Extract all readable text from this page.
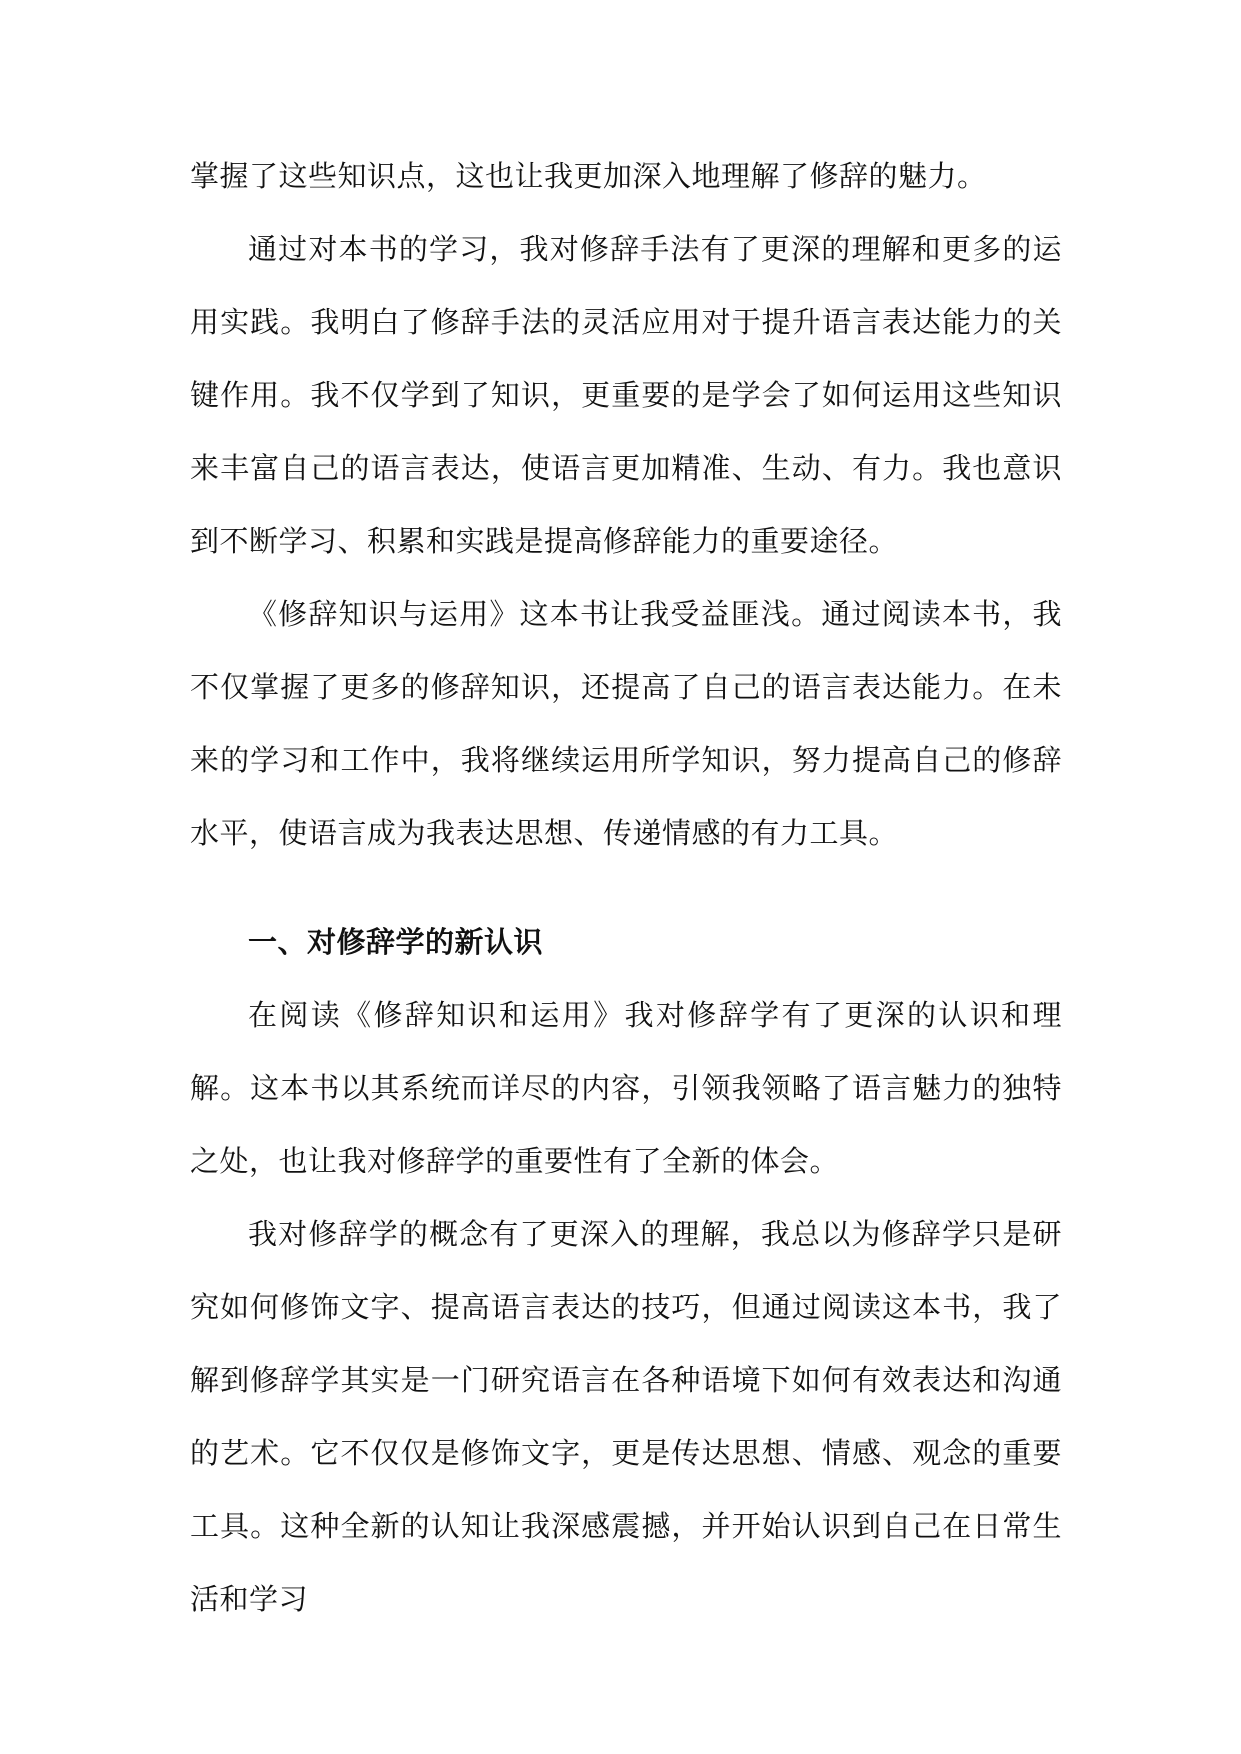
掌握了这些知识点，这也让我更加深入地理解了修辞的魅力。

通过对本书的学习，我对修辞手法有了更深的理解和更多的运用实践。我明白了修辞手法的灵活应用对于提升语言表达能力的关键作用。我不仅学到了知识，更重要的是学会了如何运用这些知识来丰富自己的语言表达，使语言更加精准、生动、有力。我也意识到不断学习、积累和实践是提高修辞能力的重要途径。

《修辞知识与运用》这本书让我受益匪浅。通过阅读本书，我不仅掌握了更多的修辞知识，还提高了自己的语言表达能力。在未来的学习和工作中，我将继续运用所学知识，努力提高自己的修辞水平，使语言成为我表达思想、传递情感的有力工具。

一、对修辞学的新认识

在阅读《修辞知识和运用》我对修辞学有了更深的认识和理解。这本书以其系统而详尽的内容，引领我领略了语言魅力的独特之处，也让我对修辞学的重要性有了全新的体会。

我对修辞学的概念有了更深入的理解，我总以为修辞学只是研究如何修饰文字、提高语言表达的技巧，但通过阅读这本书，我了解到修辞学其实是一门研究语言在各种语境下如何有效表达和沟通的艺术。它不仅仅是修饰文字，更是传达思想、情感、观念的重要工具。这种全新的认知让我深感震撼，并开始认识到自己在日常生活和学习
